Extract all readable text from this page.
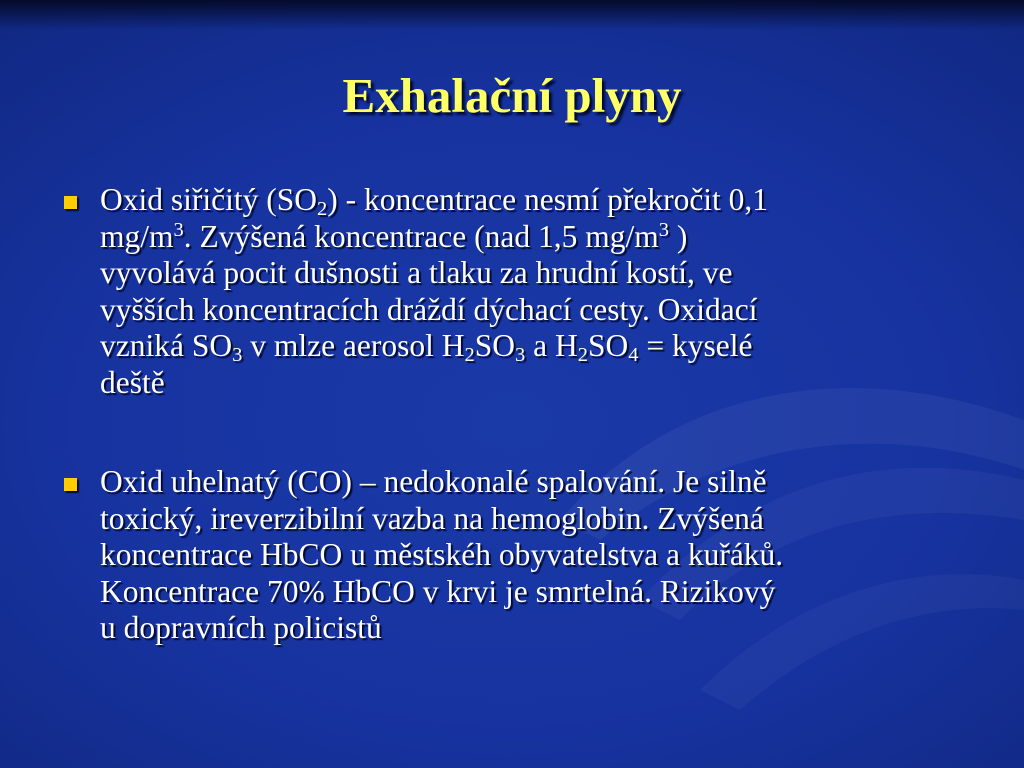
Exhalační plyny
Oxid siřičitý $(SO_2)$ - koncentrace nesmí překročit 0,1
$mg/m^3$. Zvýšená koncentrace (nad 1,5 $mg/m^3$ )
vyvolává pocit dušnosti a tlaku za hrudní kostí, ve
vyšších koncentracích dráždí dýchací cesty. Oxidací
vzniká $SO_3$ v mlze aerosol $H_2SO_3$ a $H_2SO_4$ = kyselé
deště
Oxid uhelnatý (CO) – nedokonalé spalování. Je silně
toxický, ireverzibilní vazba na hemoglobin. Zvýšená
koncentrace HbCO u městskéh obyvatelstva a kuřáků.
Koncentrace 70% HbCO v krvi je smrtelná. Rizikový
u dopravních policistů
